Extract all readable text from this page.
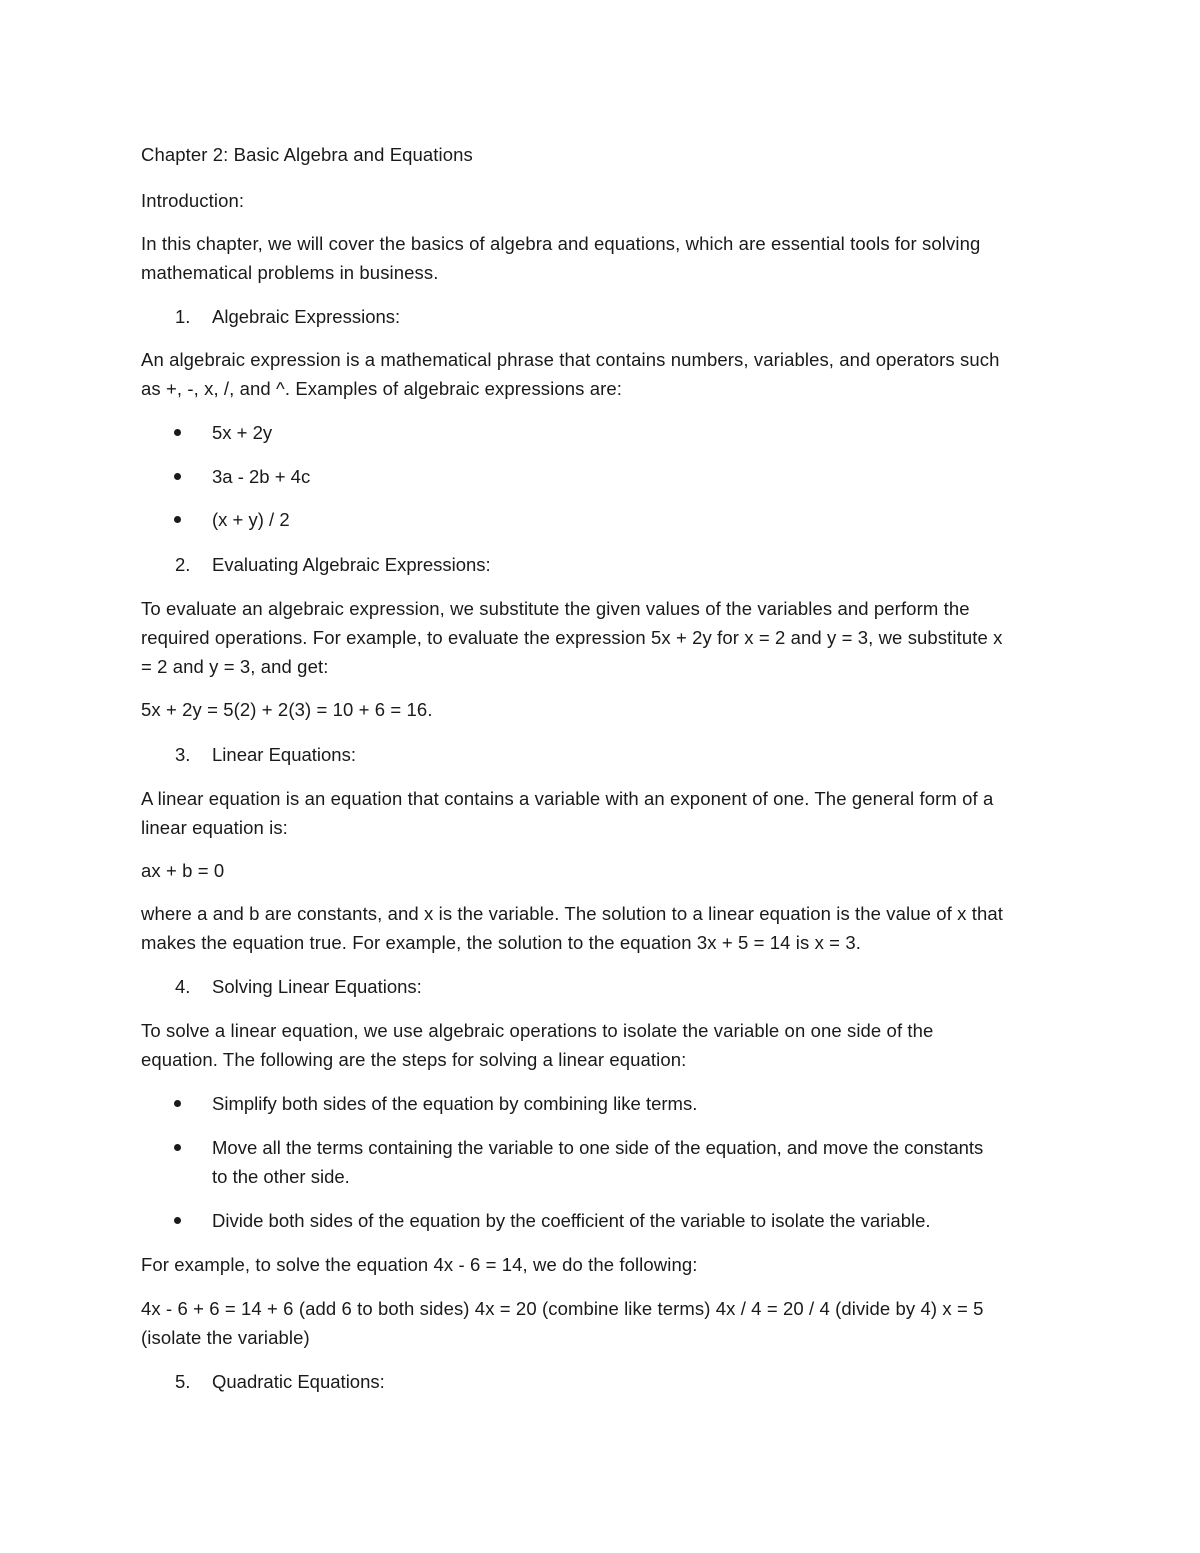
Chapter 2: Basic Algebra and Equations

Introduction:

In this chapter, we will cover the basics of algebra and equations, which are essential tools for solving

mathematical problems in business.

1. Algebraic Expressions:

An algebraic expression is a mathematical phrase that contains numbers, variables, and operators such

as +, -, x, /, and ^. Examples of algebraic expressions are:

5x + 2y
3a - 2b + 4c
(x + y) / 2
2. Evaluating Algebraic Expressions:

To evaluate an algebraic expression, we substitute the given values of the variables and perform the

required operations. For example, to evaluate the expression 5x + 2y for x = 2 and y = 3, we substitute x

= 2 and y = 3, and get:

5x + 2y = 5(2) + 2(3) = 10 + 6 = 16.

3. Linear Equations:

A linear equation is an equation that contains a variable with an exponent of one. The general form of a

linear equation is:

ax + b = 0

where a and b are constants, and x is the variable. The solution to a linear equation is the value of x that

makes the equation true. For example, the solution to the equation 3x + 5 = 14 is x = 3.

4. Solving Linear Equations:

To solve a linear equation, we use algebraic operations to isolate the variable on one side of the

equation. The following are the steps for solving a linear equation:

Simplify both sides of the equation by combining like terms.
Move all the terms containing the variable to one side of the equation, and move the constants
to the other side.
Divide both sides of the equation by the coefficient of the variable to isolate the variable.

For example, to solve the equation 4x - 6 = 14, we do the following:

4x - 6 + 6 = 14 + 6 (add 6 to both sides) 4x = 20 (combine like terms) 4x / 4 = 20 / 4 (divide by 4) x = 5

(isolate the variable)

5. Quadratic Equations:
